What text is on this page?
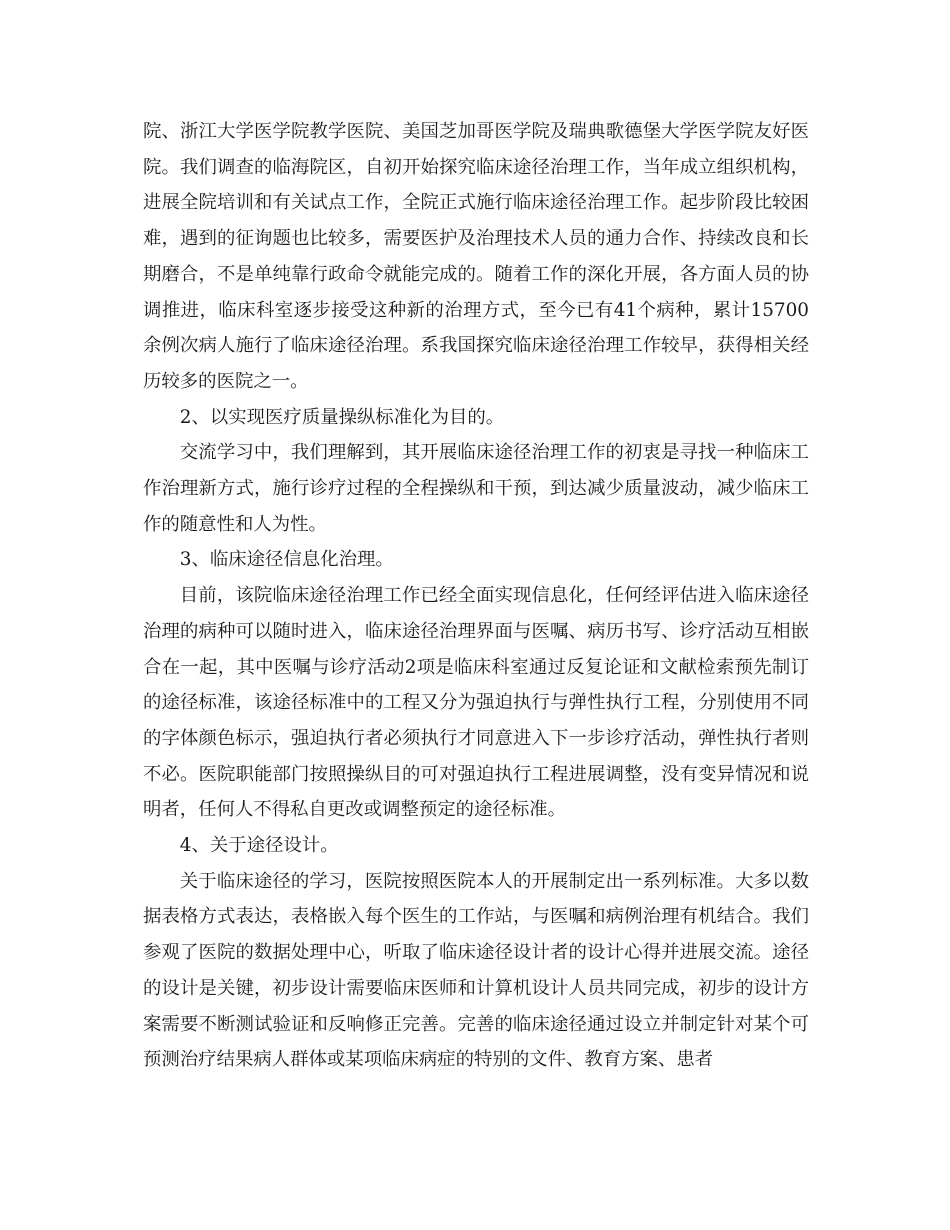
院、浙江大学医学院教学医院、美国芝加哥医学院及瑞典歌德堡大学医学院友好医院。我们调查的临海院区，自初开始探究临床途径治理工作，当年成立组织机构，进展全院培训和有关试点工作，全院正式施行临床途径治理工作。起步阶段比较困难，遇到的征询题也比较多，需要医护及治理技术人员的通力合作、持续改良和长期磨合，不是单纯靠行政命令就能完成的。随着工作的深化开展，各方面人员的协调推进，临床科室逐步接受这种新的治理方式，至今已有41个病种，累计15700余例次病人施行了临床途径治理。系我国探究临床途径治理工作较早，获得相关经历较多的医院之一。

2、以实现医疗质量操纵标准化为目的。

交流学习中，我们理解到，其开展临床途径治理工作的初衷是寻找一种临床工作治理新方式，施行诊疗过程的全程操纵和干预，到达减少质量波动，减少临床工作的随意性和人为性。

3、临床途径信息化治理。

目前，该院临床途径治理工作已经全面实现信息化，任何经评估进入临床途径治理的病种可以随时进入，临床途径治理界面与医嘱、病历书写、诊疗活动互相嵌合在一起，其中医嘱与诊疗活动2项是临床科室通过反复论证和文献检索预先制订的途径标准，该途径标准中的工程又分为强迫执行与弹性执行工程，分别使用不同的字体颜色标示，强迫执行者必须执行才同意进入下一步诊疗活动，弹性执行者则不必。医院职能部门按照操纵目的可对强迫执行工程进展调整，没有变异情况和说明者，任何人不得私自更改或调整预定的途径标准。

4、关于途径设计。

关于临床途径的学习，医院按照医院本人的开展制定出一系列标准。大多以数据表格方式表达，表格嵌入每个医生的工作站，与医嘱和病例治理有机结合。我们参观了医院的数据处理中心，听取了临床途径设计者的设计心得并进展交流。途径的设计是关键，初步设计需要临床医师和计算机设计人员共同完成，初步的设计方案需要不断测试验证和反响修正完善。完善的临床途径通过设立并制定针对某个可预测治疗结果病人群体或某项临床病症的特别的文件、教育方案、患者
